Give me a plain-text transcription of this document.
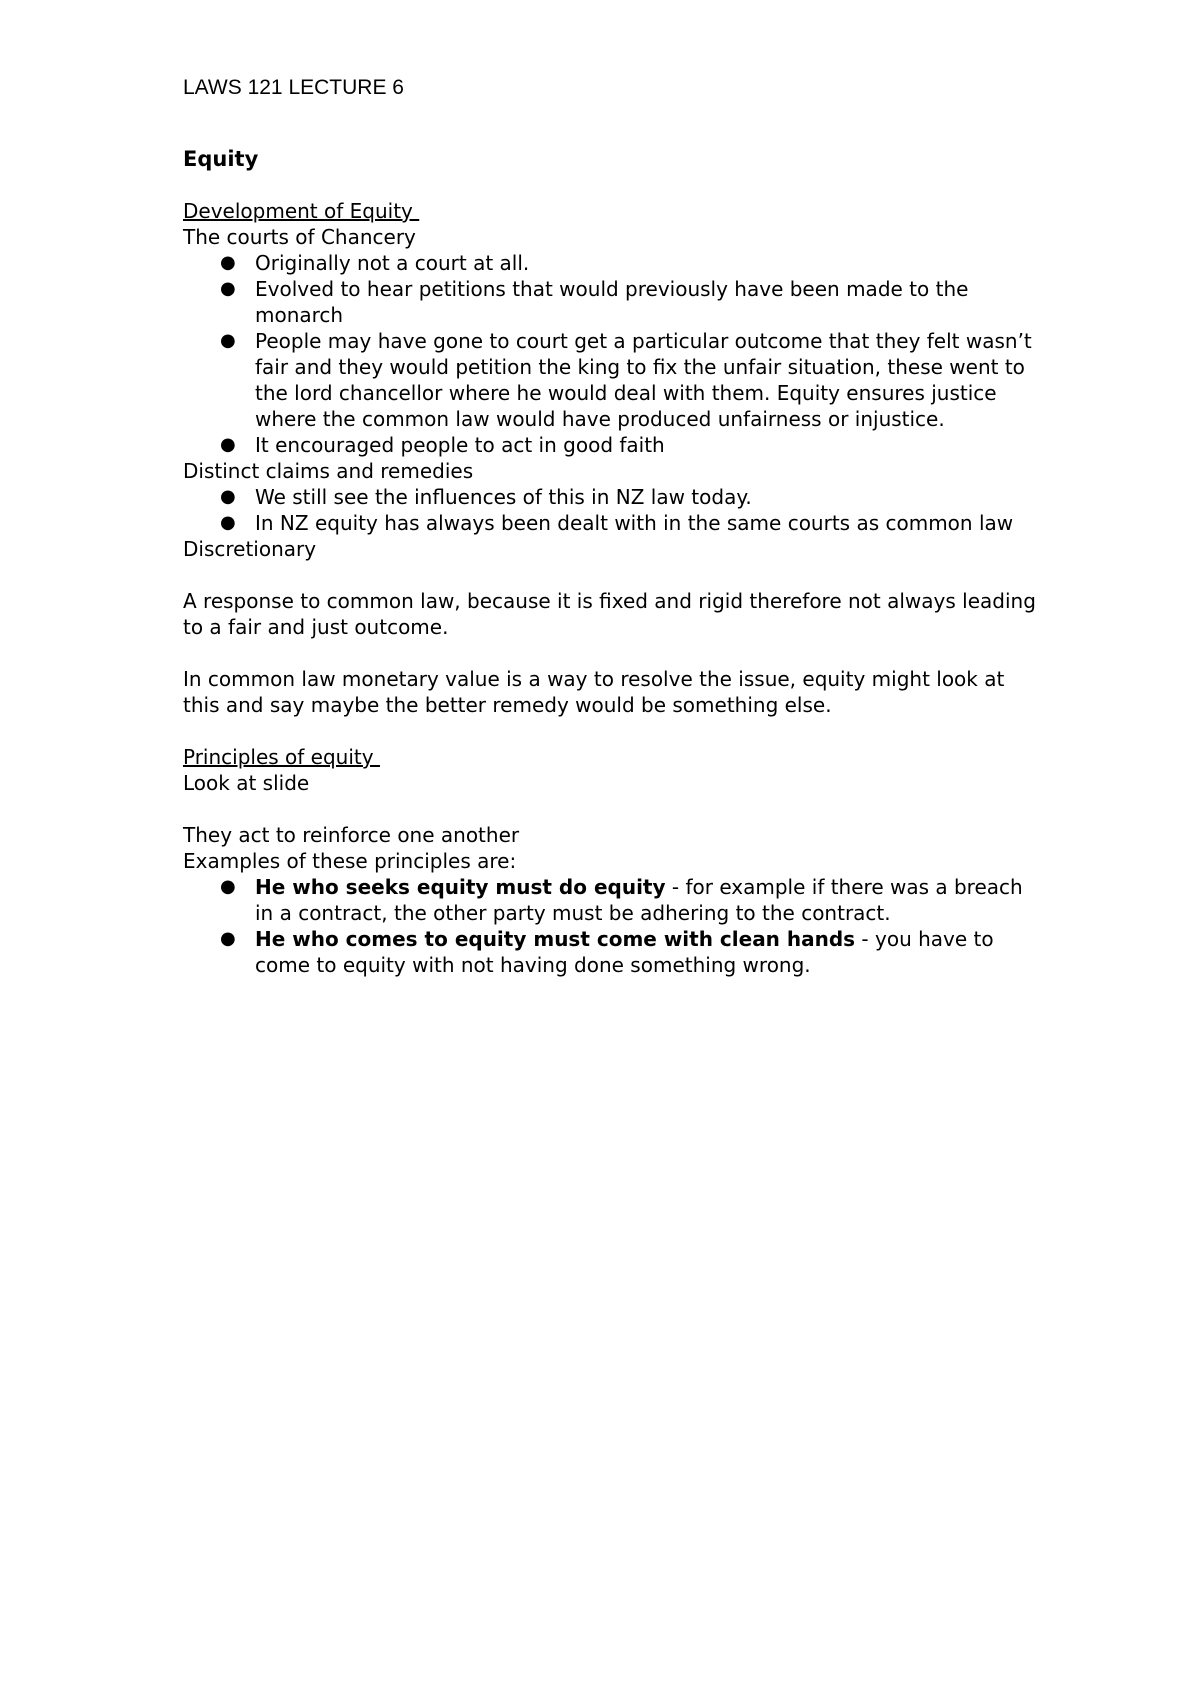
LAWS 121 LECTURE 6
Equity
Development of Equity
The courts of Chancery
● Originally not a court at all.
● Evolved to hear petitions that would previously have been made to the monarch
● People may have gone to court get a particular outcome that they felt wasn’t fair and they would petition the king to fix the unfair situation, these went to the lord chancellor where he would deal with them. Equity ensures justice where the common law would have produced unfairness or injustice.
● It encouraged people to act in good faith
Distinct claims and remedies
● We still see the influences of this in NZ law today.
● In NZ equity has always been dealt with in the same courts as common law
Discretionary
A response to common law, because it is fixed and rigid therefore not always leading to a fair and just outcome.
In common law monetary value is a way to resolve the issue, equity might look at this and say maybe the better remedy would be something else.
Principles of equity
Look at slide
They act to reinforce one another
Examples of these principles are:
● He who seeks equity must do equity - for example if there was a breach in a contract, the other party must be adhering to the contract.
● He who comes to equity must come with clean hands - you have to come to equity with not having done something wrong.
